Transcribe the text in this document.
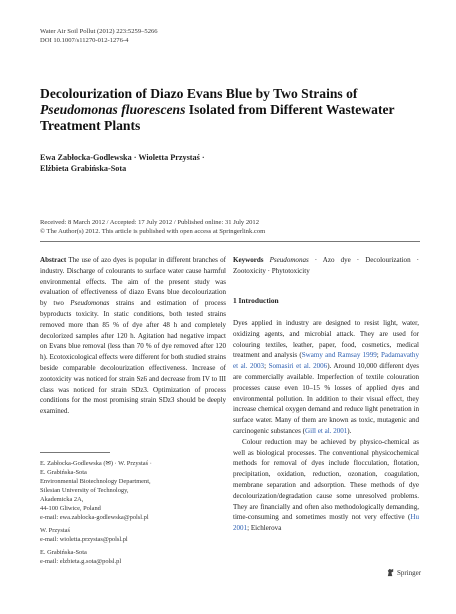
Water Air Soil Pollut (2012) 223:5259–5266
DOI 10.1007/s11270-012-1276-4
Decolourization of Diazo Evans Blue by Two Strains of Pseudomonas fluorescens Isolated from Different Wastewater Treatment Plants
Ewa Zabłocka-Godlewska · Wioletta Przystaś ·
Elżbieta Grabińska-Sota
Received: 8 March 2012 / Accepted: 17 July 2012 / Published online: 31 July 2012
© The Author(s) 2012. This article is published with open access at Springerlink.com

Abstract The use of azo dyes is popular in different branches of industry. Discharge of colourants to surface water cause harmful environmental effects. The aim of the present study was evaluation of effectiveness of diazo Evans blue decolourization by two Pseudomonas strains and estimation of process byproducts toxicity. In static conditions, both tested strains removed more than 85 % of dye after 48 h and completely decolorized samples after 120 h. Agitation had negative impact on Evans blue removal (less than 70 % of dye removed after 120 h). Ecotoxicological effects were different for both studied strains beside comparable decolourization effectiveness. Increase of zootoxicity was noticed for strain Sz6 and decrease from IV to III class was noticed for strain SDz3. Optimization of process conditions for the most promising strain SDz3 should be deeply examined.

E. Zabłocka-Godlewska (✉) · W. Przystaś ·
E. Grabińska-Sota
Environmental Biotechnology Department,
Silesian University of Technology,
Akademicka 2A,
44-100 Gliwice, Poland
e-mail: ewa.zablocka-godlewska@polsl.pl
W. Przystaś
e-mail: wioletta.przystas@polsl.pl
E. Grabińska-Sota
e-mail: elzbieta.g.sota@polsl.pl

Keywords Pseudomonas · Azo dye · Decolourization · Zootoxicity · Phytotoxicity

1 Introduction

Dyes applied in industry are designed to resist light, water, oxidizing agents, and microbial attack. They are used for colouring textiles, leather, paper, food, cosmetics, medical treatment and analysis (Swamy and Ramsay 1999; Padamavathy et al. 2003; Somasiri et al. 2006). Around 10,000 different dyes are commercially available. Imperfection of textile colouration processes cause even 10–15 % losses of applied dyes and environmental pollution. In addition to their visual effect, they increase chemical oxygen demand and reduce light penetration in surface water. Many of them are known as toxic, mutagenic and carcinogenic substances (Gill et al. 2001).

Colour reduction may be achieved by physico-chemical as well as biological processes. The conventional physicochemical methods for removal of dyes include flocculation, flotation, precipitation, oxidation, reduction, ozonation, coagulation, membrane separation and adsorption. These methods of dye decolourization/degradation cause some unresolved problems. They are financially and often also methodologically demanding, time-consuming and sometimes mostly not very effective (Hu 2001; Eichlerova

Springer
